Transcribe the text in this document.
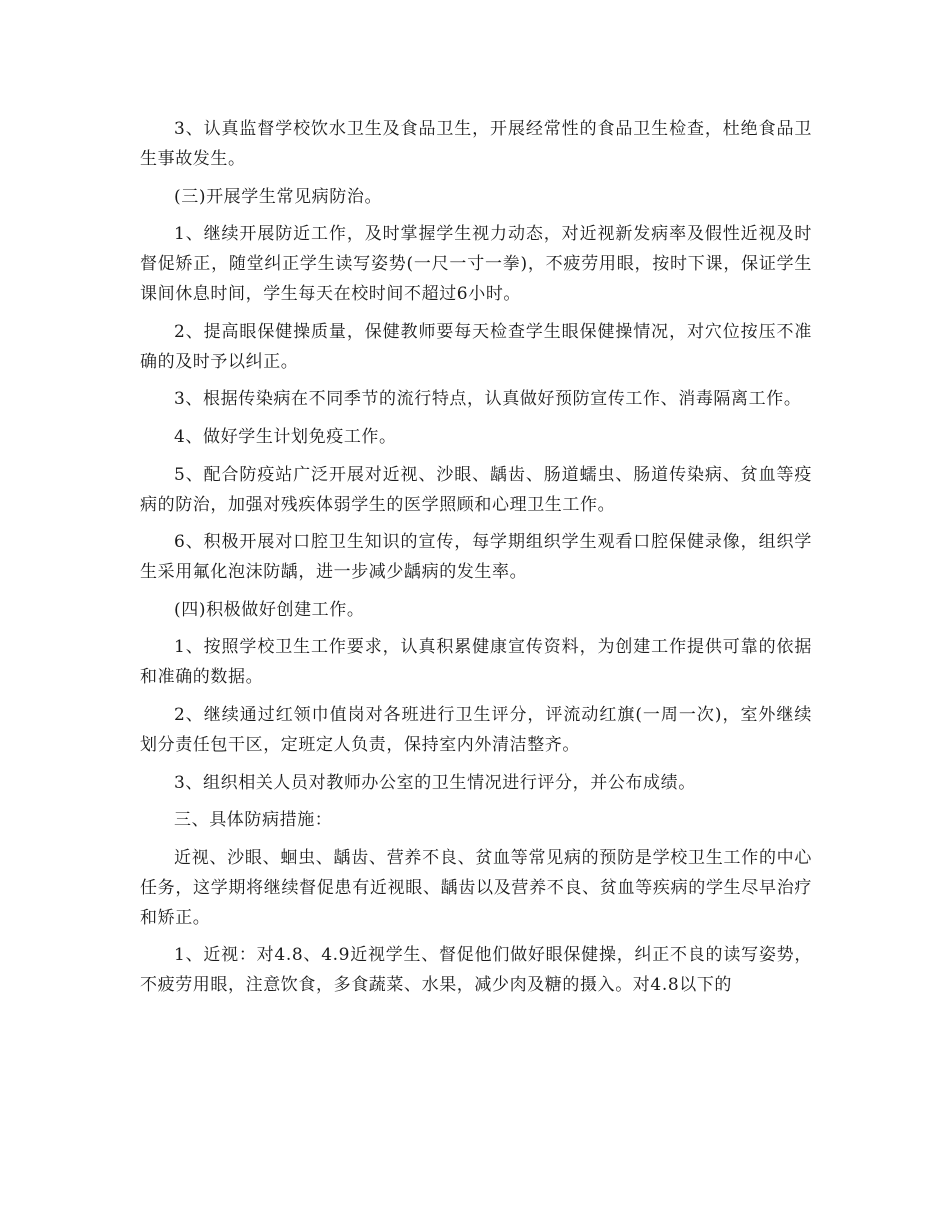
3、认真监督学校饮水卫生及食品卫生，开展经常性的食品卫生检查，杜绝食品卫生事故发生。

(三)开展学生常见病防治。

1、继续开展防近工作，及时掌握学生视力动态，对近视新发病率及假性近视及时督促矫正，随堂纠正学生读写姿势(一尺一寸一拳)，不疲劳用眼，按时下课，保证学生课间休息时间，学生每天在校时间不超过6小时。

2、提高眼保健操质量，保健教师要每天检查学生眼保健操情况，对穴位按压不准确的及时予以纠正。

3、根据传染病在不同季节的流行特点，认真做好预防宣传工作、消毒隔离工作。

4、做好学生计划免疫工作。

5、配合防疫站广泛开展对近视、沙眼、龋齿、肠道蠕虫、肠道传染病、贫血等疫病的防治，加强对残疾体弱学生的医学照顾和心理卫生工作。

6、积极开展对口腔卫生知识的宣传，每学期组织学生观看口腔保健录像，组织学生采用氟化泡沫防龋，进一步减少龋病的发生率。

(四)积极做好创建工作。

1、按照学校卫生工作要求，认真积累健康宣传资料，为创建工作提供可靠的依据和准确的数据。

2、继续通过红领巾值岗对各班进行卫生评分，评流动红旗(一周一次)，室外继续划分责任包干区，定班定人负责，保持室内外清洁整齐。

3、组织相关人员对教师办公室的卫生情况进行评分，并公布成绩。

三、具体防病措施：

近视、沙眼、蛔虫、龋齿、营养不良、贫血等常见病的预防是学校卫生工作的中心任务，这学期将继续督促患有近视眼、龋齿以及营养不良、贫血等疾病的学生尽早治疗和矫正。

1、近视：对4.8、4.9近视学生、督促他们做好眼保健操，纠正不良的读写姿势，不疲劳用眼，注意饮食，多食蔬菜、水果，减少肉及糖的摄入。对4.8以下的
